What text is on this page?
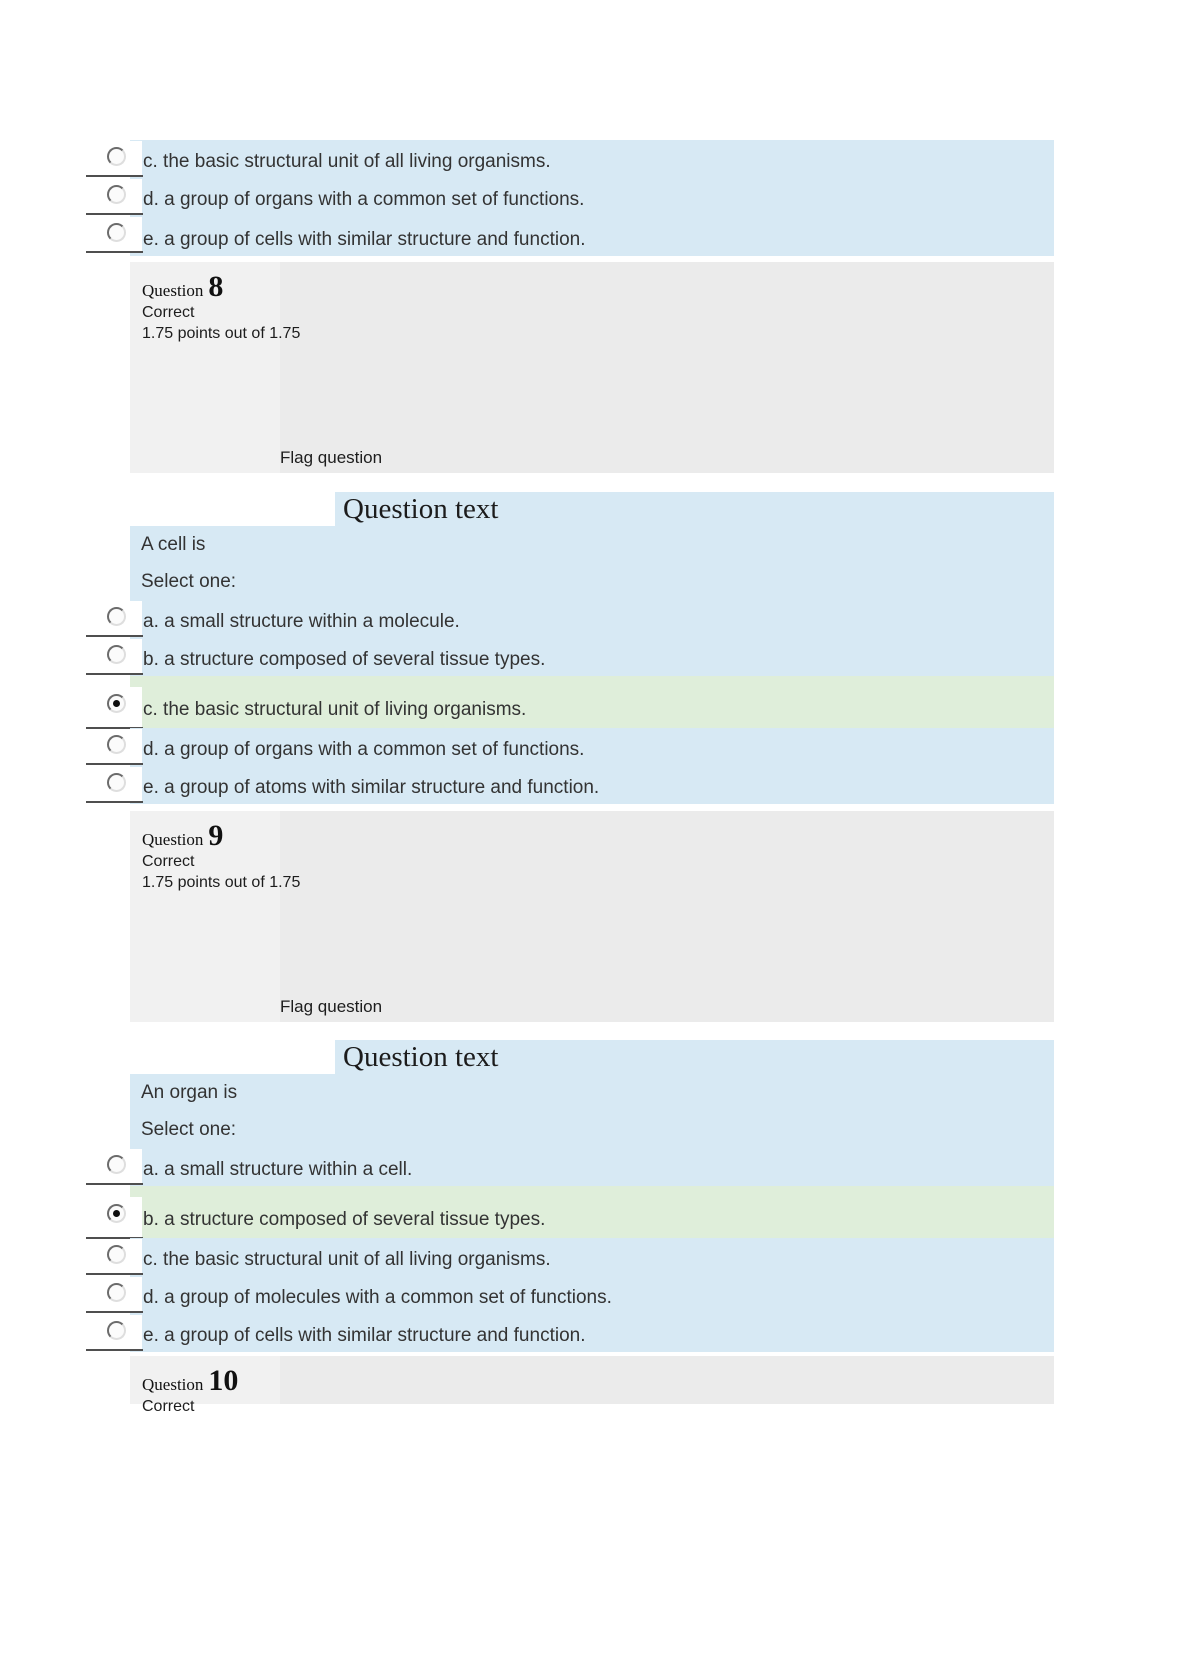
c. the basic structural unit of all living organisms.
d. a group of organs with a common set of functions.
e. a group of cells with similar structure and function.
Question 8
Correct
1.75 points out of 1.75
Flag question
Question text

A cell is

Select one:

a. a small structure within a molecule.
b. a structure composed of several tissue types.
c. the basic structural unit of living organisms.
d. a group of organs with a common set of functions.
e. a group of atoms with similar structure and function.
Question 9
Correct
1.75 points out of 1.75
Flag question
Question text

An organ is

Select one:

a. a small structure within a cell.
b. a structure composed of several tissue types.
c. the basic structural unit of all living organisms.
d. a group of molecules with a common set of functions.
e. a group of cells with similar structure and function.
Question 10
Correct
